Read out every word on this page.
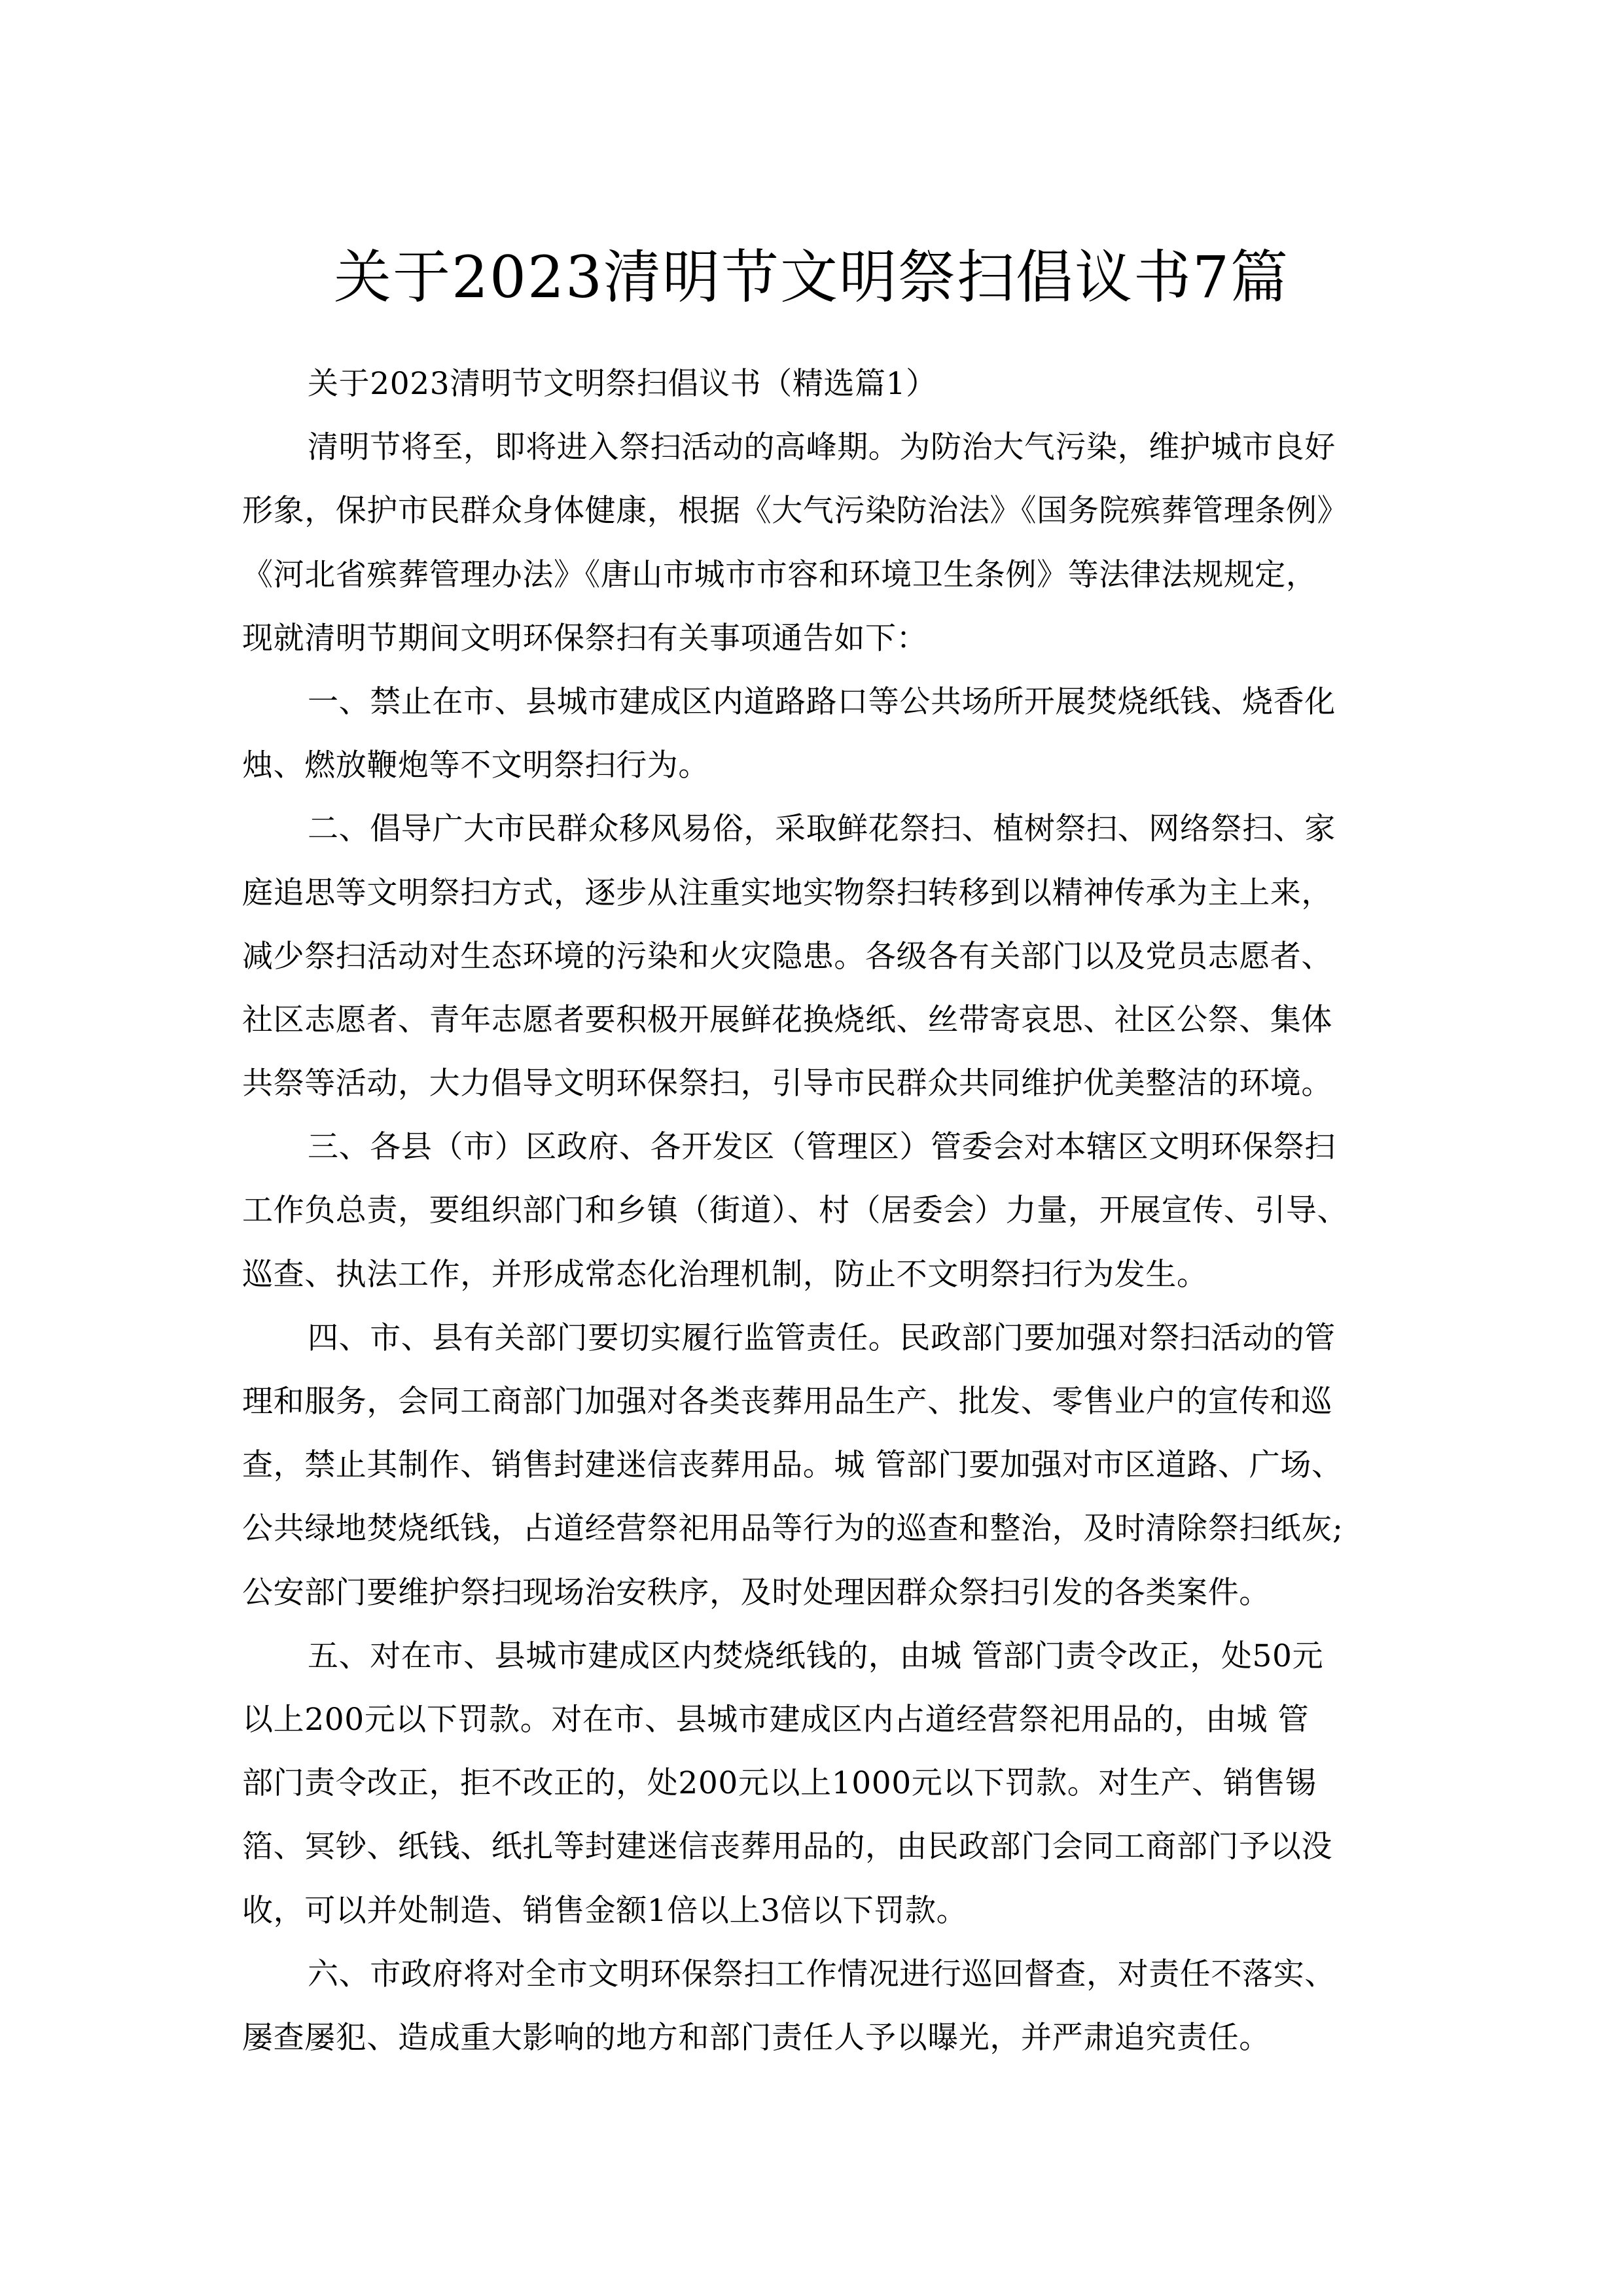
关于2023清明节文明祭扫倡议书7篇
关于2023清明节文明祭扫倡议书（精选篇1）
清明节将至，即将进入祭扫活动的高峰期。为防治大气污染，维护城市良好
形象，保护市民群众身体健康，根据《大气污染防治法》《国务院殡葬管理条例》
《河北省殡葬管理办法》《唐山市城市市容和环境卫生条例》等法律法规规定，
现就清明节期间文明环保祭扫有关事项通告如下：
一、禁止在市、县城市建成区内道路路口等公共场所开展焚烧纸钱、烧香化
烛、燃放鞭炮等不文明祭扫行为。
二、倡导广大市民群众移风易俗，采取鲜花祭扫、植树祭扫、网络祭扫、家
庭追思等文明祭扫方式，逐步从注重实地实物祭扫转移到以精神传承为主上来，
减少祭扫活动对生态环境的污染和火灾隐患。各级各有关部门以及党员志愿者、
社区志愿者、青年志愿者要积极开展鲜花换烧纸、丝带寄哀思、社区公祭、集体
共祭等活动，大力倡导文明环保祭扫，引导市民群众共同维护优美整洁的环境。
三、各县（市）区政府、各开发区（管理区）管委会对本辖区文明环保祭扫
工作负总责，要组织部门和乡镇（街道）、村（居委会）力量，开展宣传、引导、
巡查、执法工作，并形成常态化治理机制，防止不文明祭扫行为发生。
四、市、县有关部门要切实履行监管责任。民政部门要加强对祭扫活动的管
理和服务，会同工商部门加强对各类丧葬用品生产、批发、零售业户的宣传和巡
查，禁止其制作、销售封建迷信丧葬用品。城 管部门要加强对市区道路、广场、
公共绿地焚烧纸钱，占道经营祭祀用品等行为的巡查和整治，及时清除祭扫纸灰;
公安部门要维护祭扫现场治安秩序，及时处理因群众祭扫引发的各类案件。
五、对在市、县城市建成区内焚烧纸钱的，由城 管部门责令改正，处50元
以上200元以下罚款。对在市、县城市建成区内占道经营祭祀用品的，由城 管
部门责令改正，拒不改正的，处200元以上1000元以下罚款。对生产、销售锡
箔、冥钞、纸钱、纸扎等封建迷信丧葬用品的，由民政部门会同工商部门予以没
收，可以并处制造、销售金额1倍以上3倍以下罚款。
六、市政府将对全市文明环保祭扫工作情况进行巡回督查，对责任不落实、
屡查屡犯、造成重大影响的地方和部门责任人予以曝光，并严肃追究责任。
